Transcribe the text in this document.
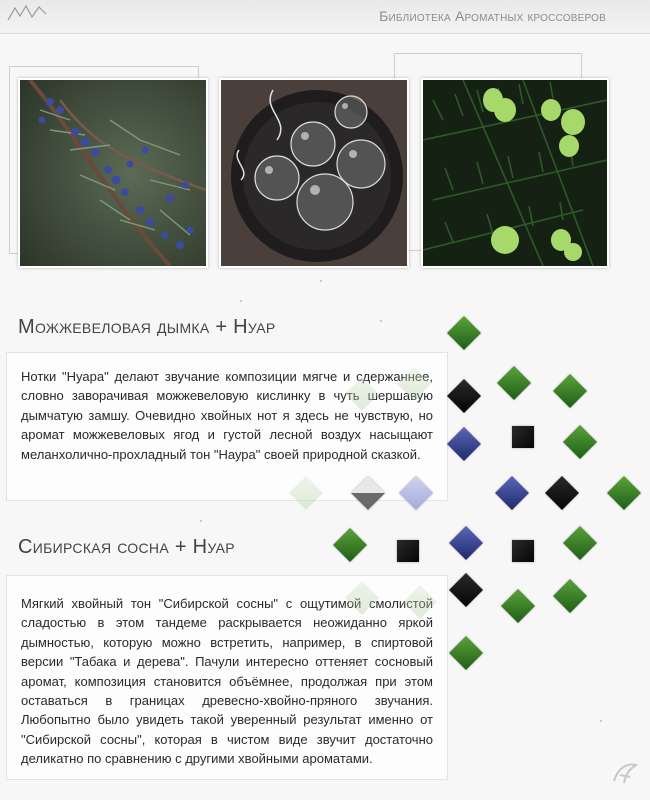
Библиотека Ароматных кроссоверов
Можжевеловая дымка + Нуар
Нотки "Нуара" делают звучание композиции мягче и сдержаннее, словно заворачивая можжевеловую кислинку в чуть шершавую дымчатую замшу. Очевидно хвойных нот я здесь не чувствую, но аромат можжевеловых ягод и густой лесной воздух насыщают меланхолично-прохладный тон "Наура" своей природной сказкой.
Сибирская сосна + Нуар
Мягкий хвойный тон "Сибирской сосны" с ощутимой смолистой сладостью в этом тандеме раскрывается неожиданно яркой дымностью, которую можно встретить, например, в спиртовой версии "Табака и дерева". Пачули интересно оттеняет сосновый аромат, композиция становится объёмнее, продолжая при этом оставаться в границах древесно-хвойно-пряного звучания. Любопытно было увидеть такой уверенный результат именно от "Сибирской сосны", которая в чистом виде звучит достаточно деликатно по сравнению с другими хвойными ароматами.
